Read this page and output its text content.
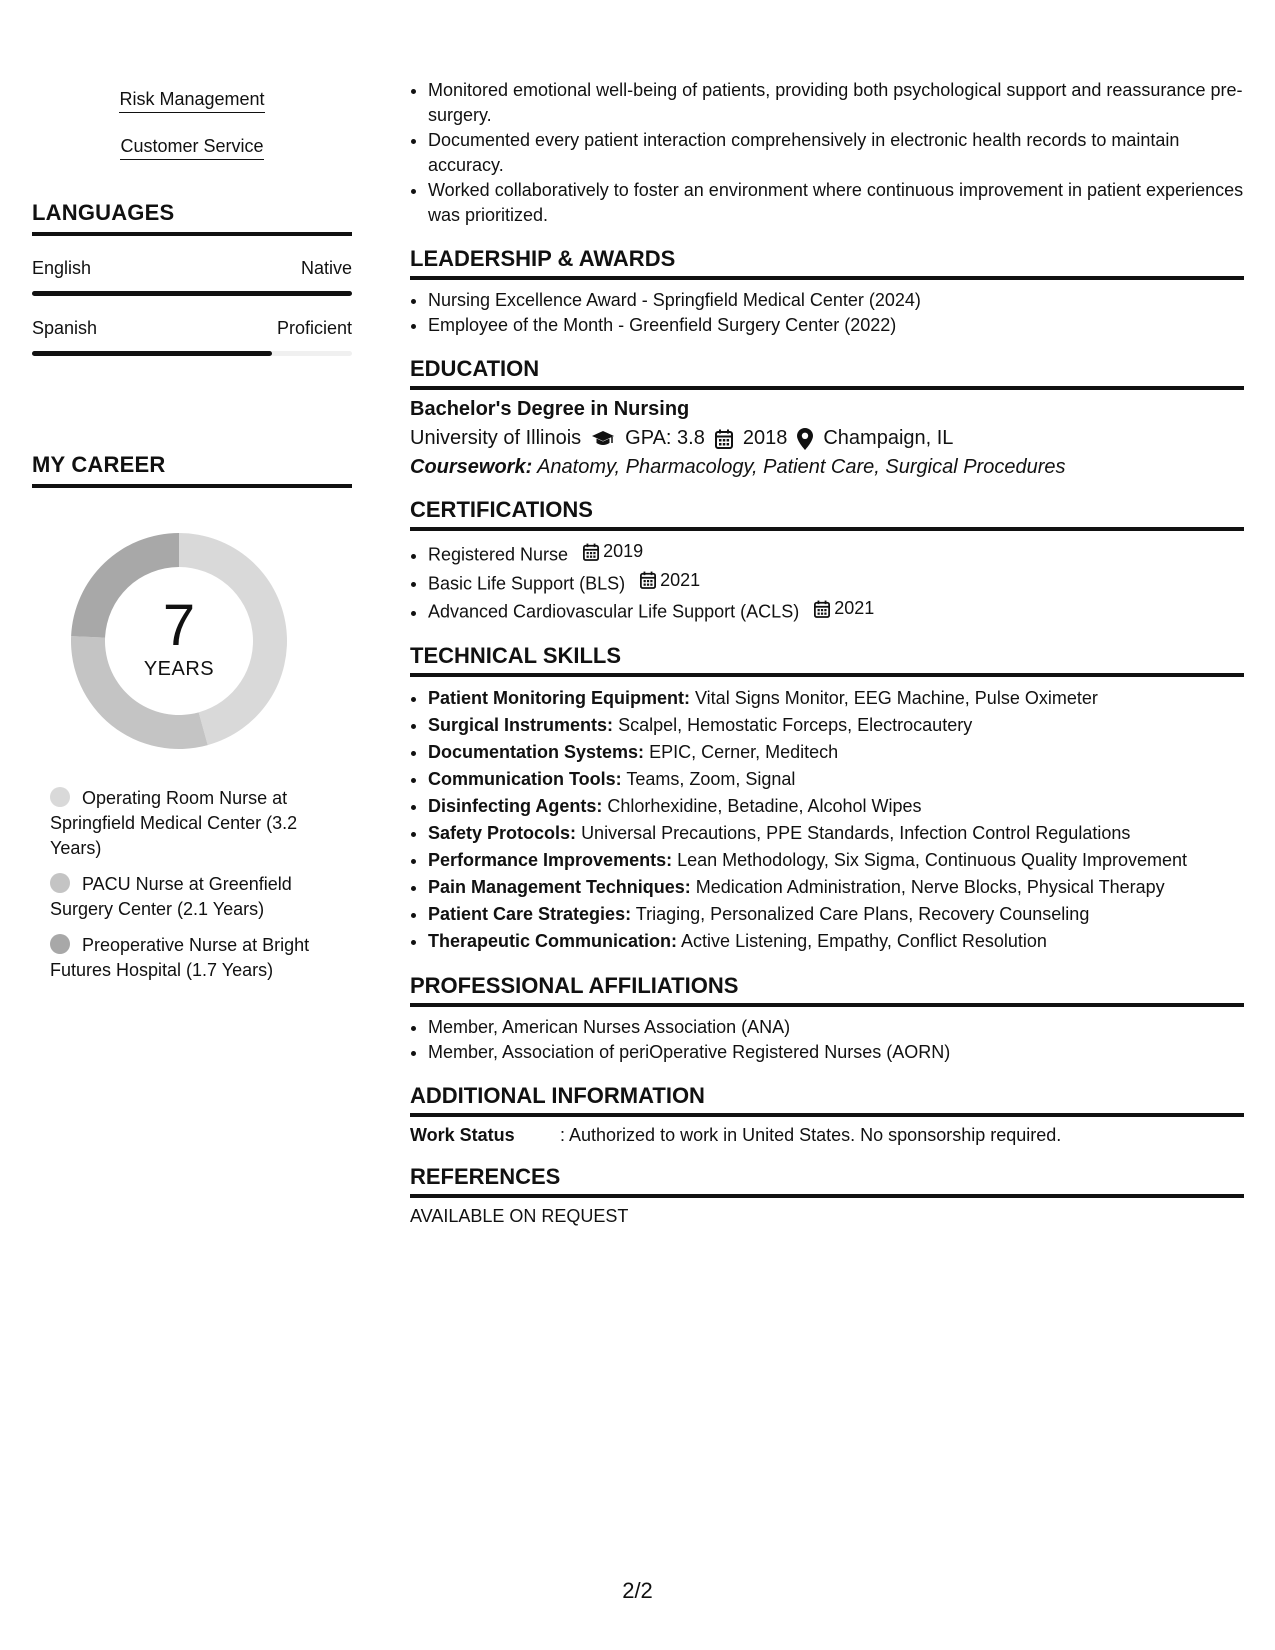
Risk Management
Customer Service
LANGUAGES
English	Native
Spanish	Proficient
MY CAREER
7
YEARS
Operating Room Nurse at Springfield Medical Center (3.2 Years)
PACU Nurse at Greenfield Surgery Center (2.1 Years)
Preoperative Nurse at Bright Futures Hospital (1.7 Years)
• Monitored emotional well-being of patients, providing both psychological support and reassurance pre-surgery.
• Documented every patient interaction comprehensively in electronic health records to maintain accuracy.
• Worked collaboratively to foster an environment where continuous improvement in patient experiences was prioritized.
LEADERSHIP & AWARDS
• Nursing Excellence Award - Springfield Medical Center (2024)
• Employee of the Month - Greenfield Surgery Center (2022)
EDUCATION
Bachelor's Degree in Nursing
University of Illinois GPA: 3.8 2018 Champaign, IL
Coursework: Anatomy, Pharmacology, Patient Care, Surgical Procedures
CERTIFICATIONS
• Registered Nurse 2019
• Basic Life Support (BLS) 2021
• Advanced Cardiovascular Life Support (ACLS) 2021
TECHNICAL SKILLS
• Patient Monitoring Equipment: Vital Signs Monitor, EEG Machine, Pulse Oximeter
• Surgical Instruments: Scalpel, Hemostatic Forceps, Electrocautery
• Documentation Systems: EPIC, Cerner, Meditech
• Communication Tools: Teams, Zoom, Signal
• Disinfecting Agents: Chlorhexidine, Betadine, Alcohol Wipes
• Safety Protocols: Universal Precautions, PPE Standards, Infection Control Regulations
• Performance Improvements: Lean Methodology, Six Sigma, Continuous Quality Improvement
• Pain Management Techniques: Medication Administration, Nerve Blocks, Physical Therapy
• Patient Care Strategies: Triaging, Personalized Care Plans, Recovery Counseling
• Therapeutic Communication: Active Listening, Empathy, Conflict Resolution
PROFESSIONAL AFFILIATIONS
• Member, American Nurses Association (ANA)
• Member, Association of periOperative Registered Nurses (AORN)
ADDITIONAL INFORMATION
Work Status	: Authorized to work in United States. No sponsorship required.
REFERENCES
AVAILABLE ON REQUEST
2/2
